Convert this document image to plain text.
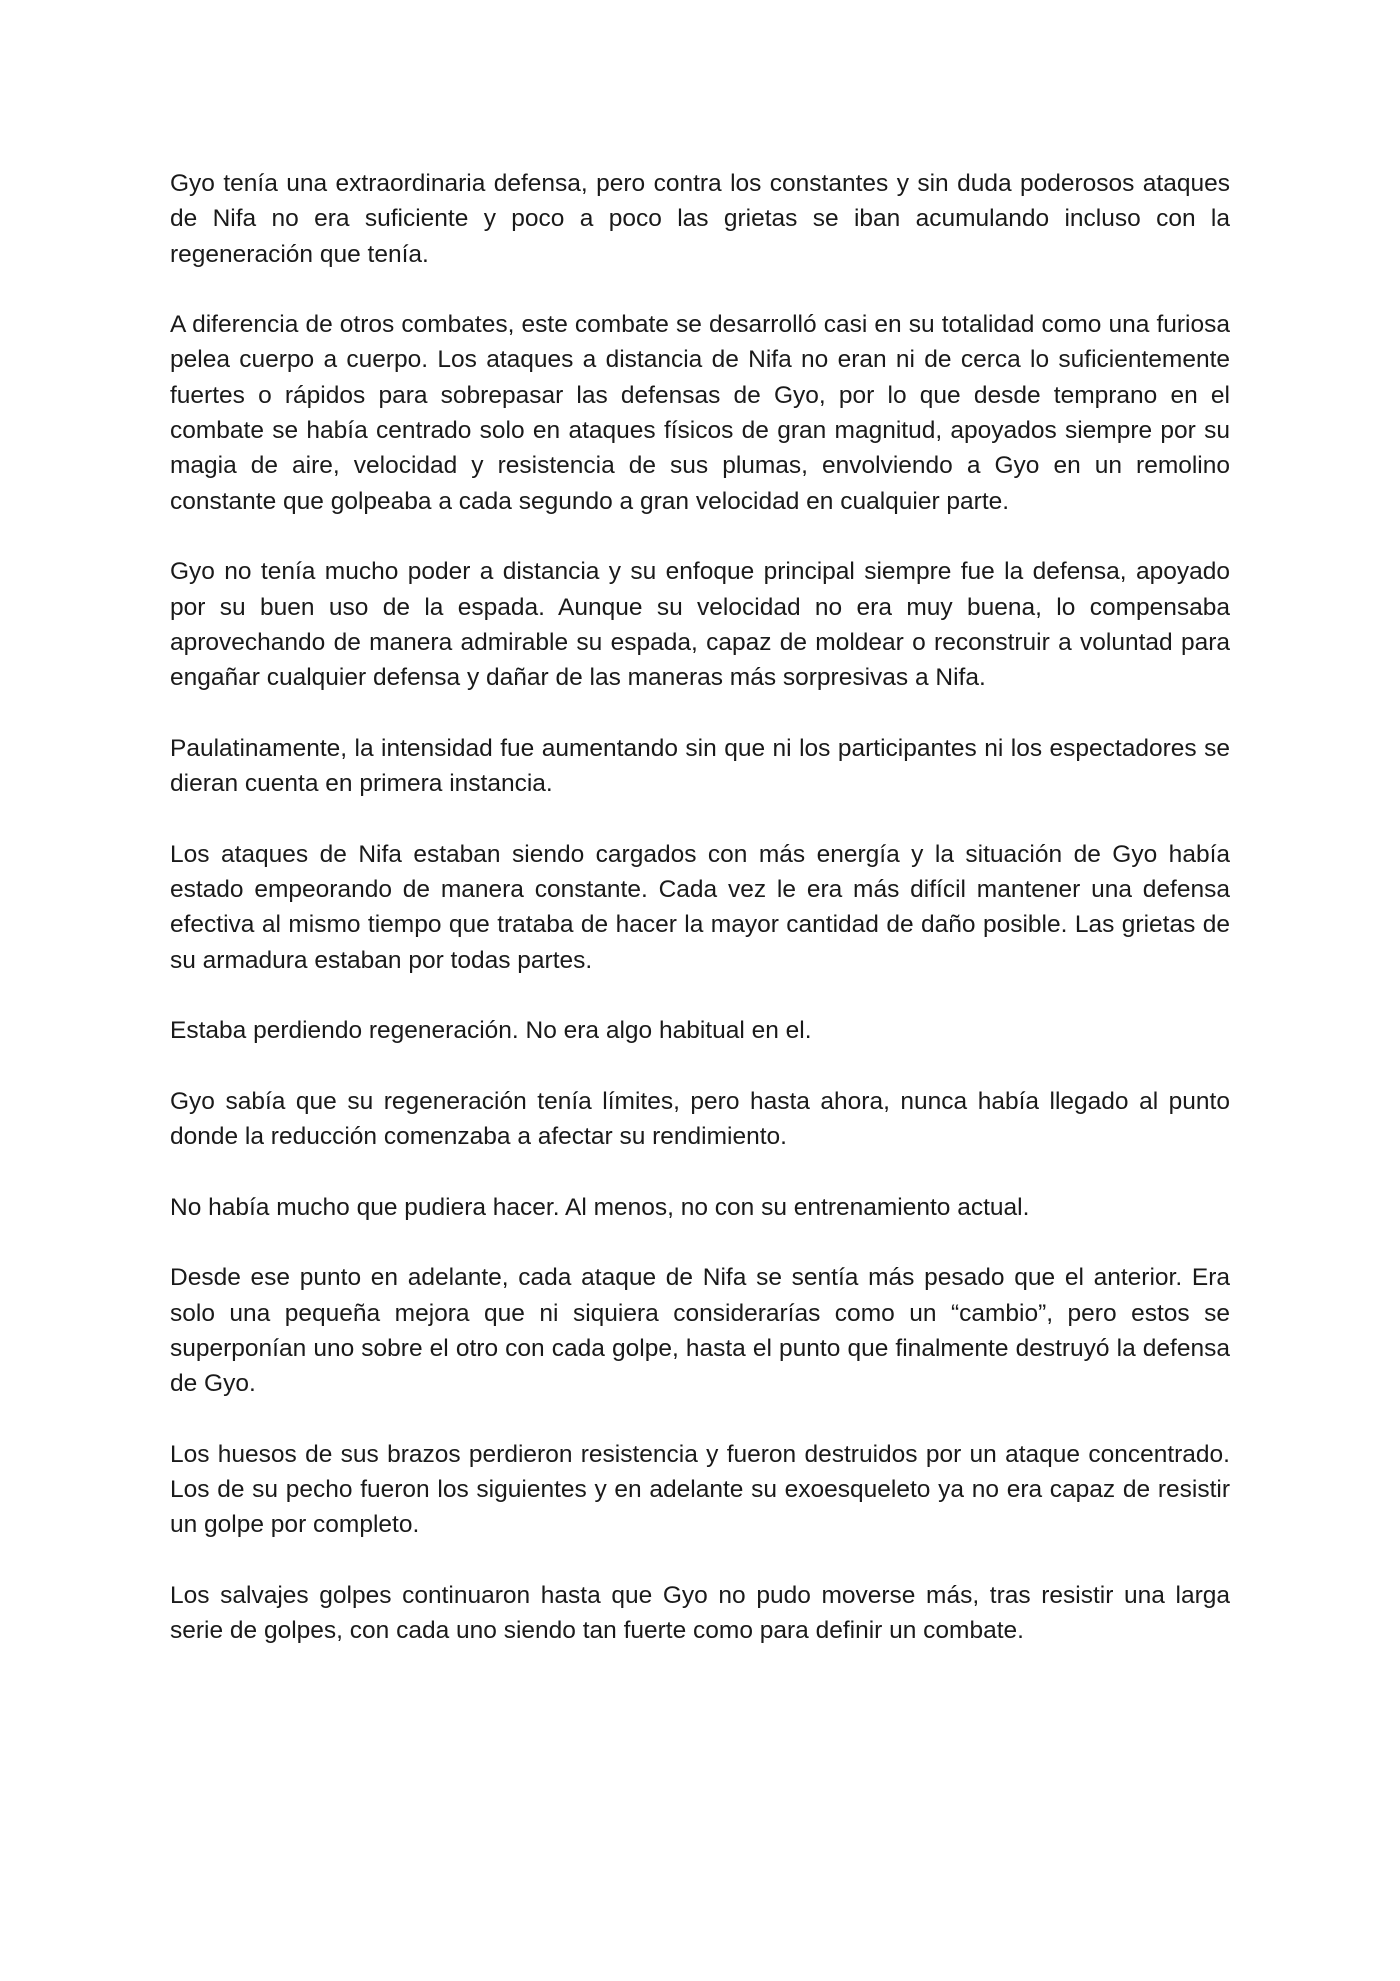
Gyo tenía una extraordinaria defensa, pero contra los constantes y sin duda poderosos ataques de Nifa no era suficiente y poco a poco las grietas se iban acumulando incluso con la regeneración que tenía.

A diferencia de otros combates, este combate se desarrolló casi en su totalidad como una furiosa pelea cuerpo a cuerpo. Los ataques a distancia de Nifa no eran ni de cerca lo suficientemente fuertes o rápidos para sobrepasar las defensas de Gyo, por lo que desde temprano en el combate se había centrado solo en ataques físicos de gran magnitud, apoyados siempre por su magia de aire, velocidad y resistencia de sus plumas, envolviendo a Gyo en un remolino constante que golpeaba a cada segundo a gran velocidad en cualquier parte.

Gyo no tenía mucho poder a distancia y su enfoque principal siempre fue la defensa, apoyado por su buen uso de la espada. Aunque su velocidad no era muy buena, lo compensaba aprovechando de manera admirable su espada, capaz de moldear o reconstruir a voluntad para engañar cualquier defensa y dañar de las maneras más sorpresivas a Nifa.

Paulatinamente, la intensidad fue aumentando sin que ni los participantes ni los espectadores se dieran cuenta en primera instancia.

Los ataques de Nifa estaban siendo cargados con más energía y la situación de Gyo había estado empeorando de manera constante. Cada vez le era más difícil mantener una defensa efectiva al mismo tiempo que trataba de hacer la mayor cantidad de daño posible. Las grietas de su armadura estaban por todas partes.

Estaba perdiendo regeneración. No era algo habitual en el.

Gyo sabía que su regeneración tenía límites, pero hasta ahora, nunca había llegado al punto donde la reducción comenzaba a afectar su rendimiento.

No había mucho que pudiera hacer. Al menos, no con su entrenamiento actual.

Desde ese punto en adelante, cada ataque de Nifa se sentía más pesado que el anterior. Era solo una pequeña mejora que ni siquiera considerarías como un “cambio”, pero estos se superponían uno sobre el otro con cada golpe, hasta el punto que finalmente destruyó la defensa de Gyo.

Los huesos de sus brazos perdieron resistencia y fueron destruidos por un ataque concentrado. Los de su pecho fueron los siguientes y en adelante su exoesqueleto ya no era capaz de resistir un golpe por completo.

Los salvajes golpes continuaron hasta que Gyo no pudo moverse más, tras resistir una larga serie de golpes, con cada uno siendo tan fuerte como para definir un combate.
